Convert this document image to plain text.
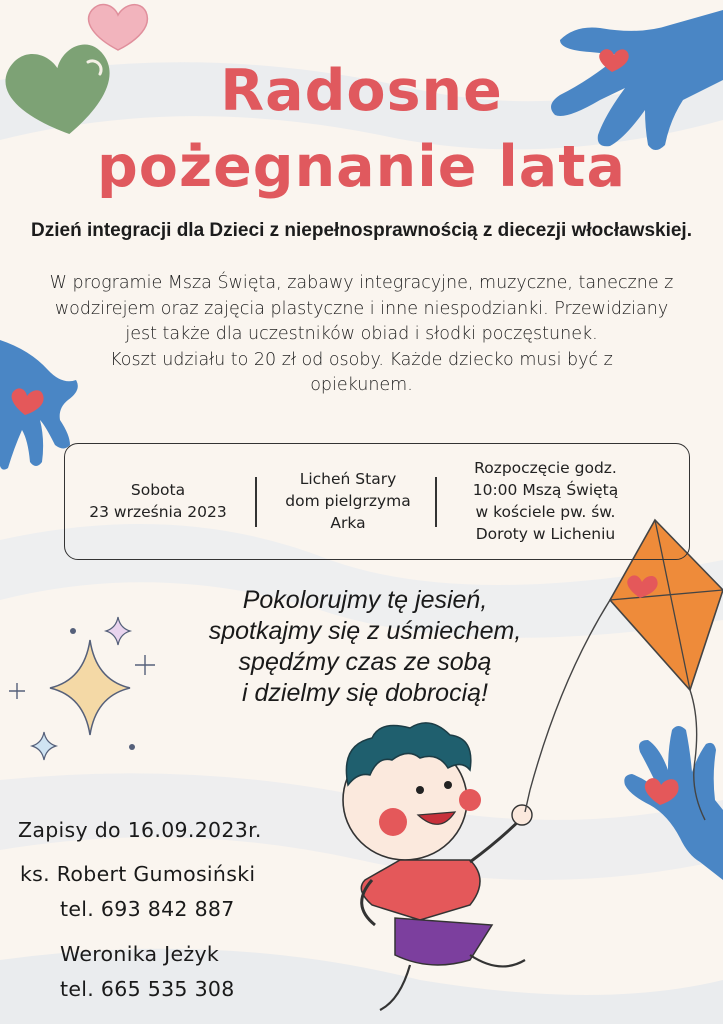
Radosne
pożegnanie lata
Dzień integracji dla Dzieci z niepełnosprawnością z diecezji włocławskiej.
W programie Msza Święta, zabawy integracyjne, muzyczne, taneczne z wodzirejem oraz zajęcia plastyczne i inne niespodzianki. Przewidziany jest także dla uczestników obiad i słodki poczęstunek.
Koszt udziału to 20 zł od osoby. Każde dziecko musi być z opiekunem.
Sobota
23 września 2023
Licheń Stary
dom pielgrzyma
Arka
Rozpoczęcie godz.
10:00 Mszą Świętą
w kościele pw. św.
Doroty w Licheniu
Pokolorujmy tę jesień,
spotkajmy się z uśmiechem,
spędźmy czas ze sobą
i dzielmy się dobrocią!
Zapisy do 16.09.2023r.
ks. Robert Gumosiński
tel. 693 842 887
Weronika Jeżyk
tel. 665 535 308
